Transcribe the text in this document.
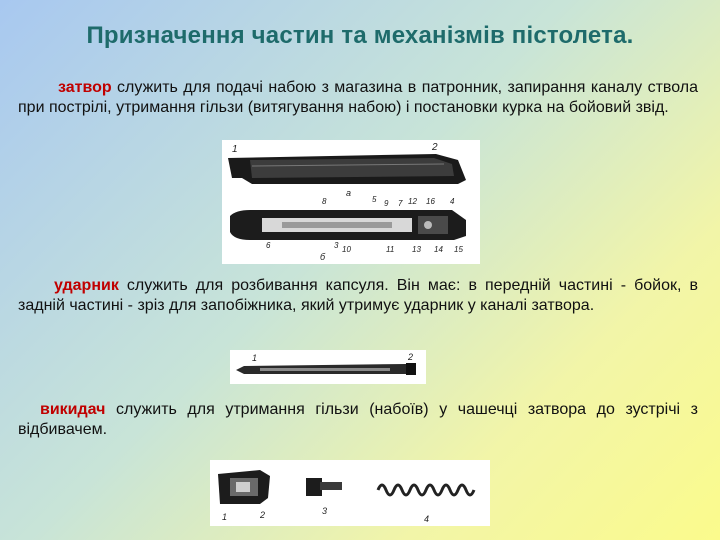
Призначення частин та механізмів пістолета.
затвор служить для подачі набою з магазина в патронник, запирання каналу ствола при пострілі, утримання гільзи (витягування набою) і постановки курка на бойовий звід.
1	2
a
3
4
5
6
7
8	9
10	11
12
13 14 15
16
б
ударник служить для розбивання капсуля. Він має: в передній частині - бойок, в задній частині - зріз для запобіжника, який утримує ударник у каналі затвора.
1	2
викидач служить для утримання гільзи (набоїв) у чашечці затвора до зустрічі з відбивачем.
1	2	3
4
